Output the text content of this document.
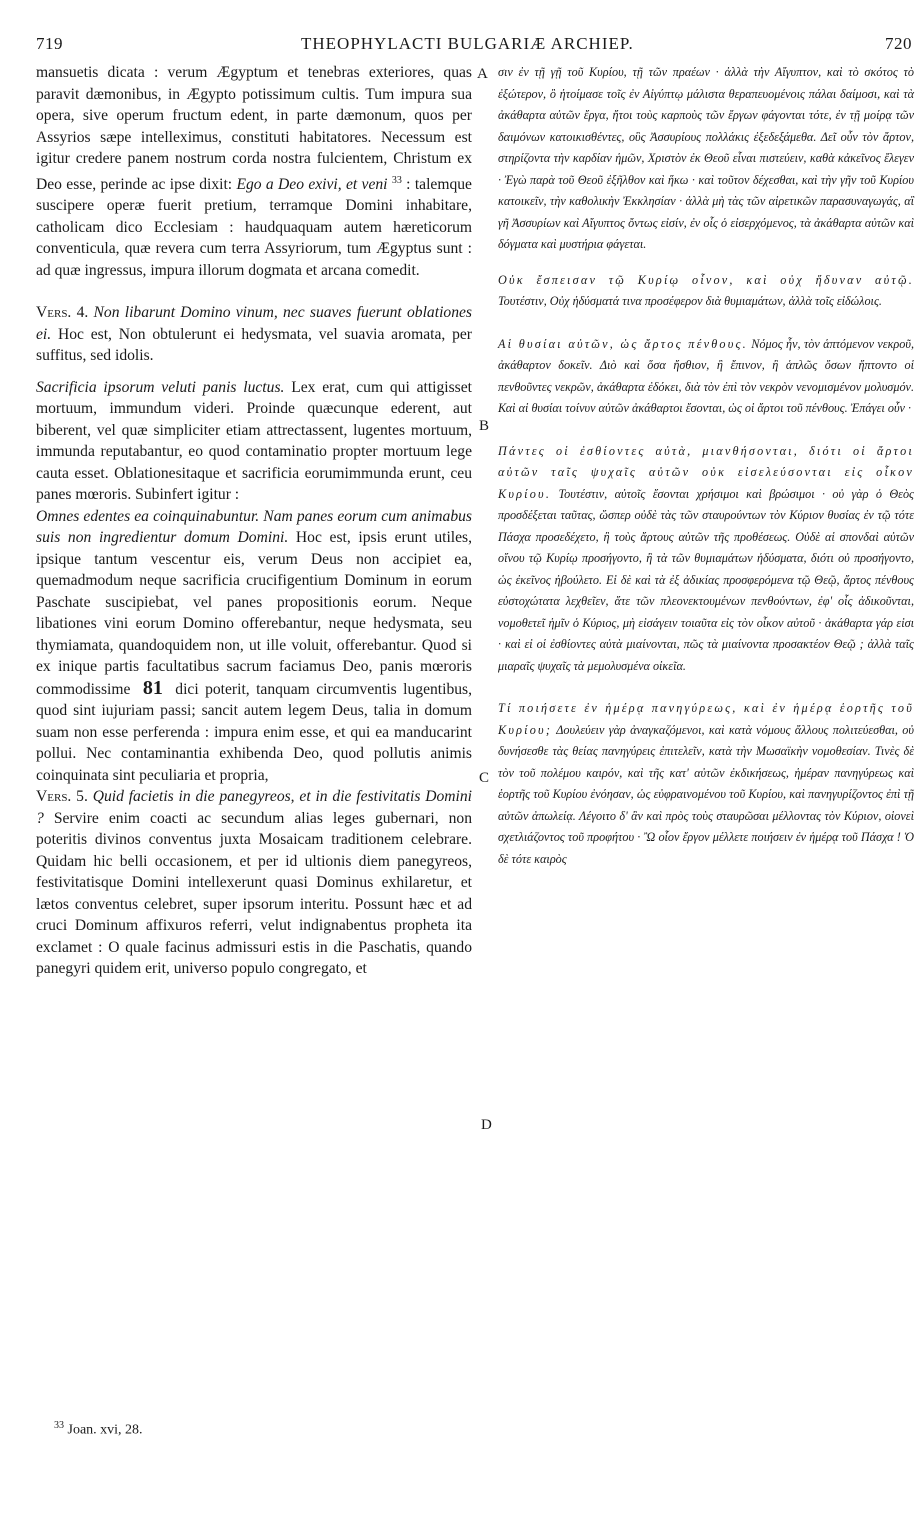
719	THEOPHYLACTI BULGARIÆ ARCHIEP.	720
A
B
C
D

mansuetis dicata : verum Ægyptum et tenebras exteriores, quas paravit dæmonibus, in Ægypto potissimum cultis. Tum impura sua opera, sive operum fructum edent, in parte dæmonum, quos per Assyrios sæpe intelleximus, constituti habitatores. Necessum est igitur credere panem nostrum corda nostra fulcientem, Christum ex Deo esse, perinde ac ipse dixit: Ego a Deo exivi, et veni $^{33}$ : talemque suscipere operæ fuerit pretium, terramque Domini inhabitare, catholicam dico Ecclesiam : haudquaquam autem hæreticorum conventicula, quæ revera cum terra Assyriorum, tum Ægyptus sunt : ad quæ ingressus, impura illorum dogmata et arcana comedit.

Vers. 4. Non libarunt Domino vinum, nec suaves fuerunt oblationes ei. Hoc est, Non obtulerunt ei hedysmata, vel suavia aromata, per suffitus, sed idolis.

Sacrificia ipsorum veluti panis luctus. Lex erat, cum qui attigisset mortuum, immundum videri. Proinde quæcunque ederent, aut biberent, vel quæ simpliciter etiam attrectassent, lugentes mortuum, immunda reputabantur, eo quod contaminatio propter mortuum lege cauta esset. Oblationesitaque et sacrificia eorumimmunda erunt, ceu panes mœroris. Subinfert igitur :

Omnes edentes ea coinquinabuntur. Nam panes eorum cum animabus suis non ingredientur domum Domini. Hoc est, ipsis erunt utiles, ipsique tantum vescentur eis, verum Deus non accipiet ea, quemadmodum neque sacrificia crucifigentium Dominum in eorum Paschate suscipiebat, vel panes propositionis eorum. Neque libationes vini eorum Domino offerebantur, neque hedysmata, seu thymiamata, quandoquidem non, ut ille voluit, offerebantur. Quod si ex inique partis facultatibus sacrum faciamus Deo, panis mœroris commodissime 81 dici poterit, tanquam circumventis lugentibus, quod sint iujuriam passi; sancit autem legem Deus, talia in domum suam non esse perferenda : impura enim esse, et qui ea manducarint pollui. Nec contaminantia exhibenda Deo, quod pollutis animis coinquinata sint peculiaria et propria,

Vers. 5. Quid facietis in die panegyreos, et in die festivitatis Domini ? Servire enim coacti ac secundum alias leges gubernari, non poteritis divinos conventus juxta Mosaicam traditionem celebrare. Quidam hic belli occasionem, et per id ultionis diem panegyreos, festivitatisque Domini intellexerunt quasi Dominus exhilaretur, et lætos conventus celebret, super ipsorum interitu. Possunt hæc et ad cruci Dominum affixuros referri, velut indignabentus propheta ita exclamet : O quale facinus admissuri estis in die Paschatis, quando panegyri quidem erit, universo populo congregato, et

σιν ἐν τῇ γῇ τοῦ Κυρίου, τῇ τῶν πραέων · ἀλλὰ τὴν Αἴγυπτον, καὶ τὸ σκότος τὸ ἐξώτερον, ὃ ἡτοίμασε τοῖς ἐν Αἰγύπτῳ μάλιστα θεραπευομένοις πάλαι δαίμοσι, καὶ τὰ ἀκάθαρτα αὐτῶν ἔργα, ἤτοι τοὺς καρποὺς τῶν ἔργων φάγονται τότε, ἐν τῇ μοίρᾳ τῶν δαιμόνων κατοικισθέντες, οὓς Ἀσσυρίους πολλάκις ἐξεδεξάμεθα. Δεῖ οὖν τὸν ἄρτον, στηρίζοντα τὴν καρδίαν ἡμῶν, Χριστὸν ἐκ Θεοῦ εἶναι πιστεύειν, καθὰ κἀκεῖνος ἔλεγεν · Ἐγὼ παρὰ τοῦ Θεοῦ ἐξῆλθον καὶ ἥκω · καὶ τοῦτον δέχεσθαι, καὶ τὴν γῆν τοῦ Κυρίου κατοικεῖν, τὴν καθολικὴν Ἐκκλησίαν · ἀλλὰ μὴ τὰς τῶν αἱρετικῶν παρασυναγωγάς, αἳ γῆ Ἀσσυρίων καὶ Αἴγυπτος ὄντως εἰσίν, ἐν οἷς ὁ εἰσερχόμενος, τὰ ἀκάθαρτα αὐτῶν καὶ δόγματα καὶ μυστήρια φάγεται.

Οὐκ ἔσπεισαν τῷ Κυρίῳ οἶνον, καὶ οὐχ ἥδυναν αὐτῷ. Τουτέστιν, Οὐχ ἡδύσματά τινα προσέφερον διὰ θυμιαμάτων, ἀλλὰ τοῖς εἰδώλοις.

Αἱ θυσίαι αὐτῶν, ὡς ἄρτος πένθους. Νόμος ἦν, τὸν ἁπτόμενον νεκροῦ, ἀκάθαρτον δοκεῖν. Διὸ καὶ ὅσα ἤσθιον, ἢ ἔπινον, ἢ ἁπλῶς ὅσων ἥπτοντο οἱ πενθοῦντες νεκρῶν, ἀκάθαρτα ἐδόκει, διὰ τὸν ἐπὶ τὸν νεκρὸν νενομισμένον μολυσμόν. Καὶ αἱ θυσίαι τοίνυν αὐτῶν ἀκάθαρτοι ἔσονται, ὡς οἱ ἄρτοι τοῦ πένθους. Ἐπάγει οὖν ·

Πάντες οἱ ἐσθίοντες αὐτὰ, μιανθήσονται, διότι οἱ ἄρτοι αὐτῶν ταῖς ψυχαῖς αὐτῶν οὐκ εἰσελεύσονται εἰς οἶκον Κυρίου. Τουτέστιν, αὐτοῖς ἔσονται χρήσιμοι καὶ βρώσιμοι · οὐ γὰρ ὁ Θεὸς προσδέξεται ταῦτας, ὥσπερ οὐδὲ τὰς τῶν σταυρούντων τὸν Κύριον θυσίας ἐν τῷ τότε Πάσχα προσεδέχετο, ἢ τοὺς ἄρτους αὐτῶν τῆς προθέσεως. Οὐδὲ αἱ σπονδαὶ αὐτῶν οἴνου τῷ Κυρίῳ προσήγοντο, ἢ τὰ τῶν θυμιαμάτων ἡδύσματα, διότι οὐ προσήγοντο, ὡς ἐκεῖνος ἠβούλετο. Εἰ δὲ καὶ τὰ ἐξ ἀδικίας προσφερόμενα τῷ Θεῷ, ἄρτος πένθους εὐστοχώτατα λεχθεῖεν, ἅτε τῶν πλεονεκτουμένων πενθούντων, ἐφ' οἷς ἀδικοῦνται, νομοθετεῖ ἡμῖν ὁ Κύριος, μὴ εἰσάγειν τοιαῦτα εἰς τὸν οἶκον αὐτοῦ · ἀκάθαρτα γάρ εἰσι · καὶ εἰ οἱ ἐσθίοντες αὐτὰ μιαίνονται, πῶς τὰ μιαίνοντα προσακτέον Θεῷ ; ἀλλὰ ταῖς μιαραῖς ψυχαῖς τὰ μεμολυσμένα οἰκεῖα.

Τί ποιήσετε ἐν ἡμέρᾳ πανηγύρεως, καὶ ἐν ἡμέρᾳ ἑορτῆς τοῦ Κυρίου; Δουλεύειν γὰρ ἀναγκαζόμενοι, καὶ κατὰ νόμους ἄλλους πολιτεύεσθαι, οὐ δυνήσεσθε τὰς θείας πανηγύρεις ἐπιτελεῖν, κατὰ τὴν Μωσαϊκὴν νομοθεσίαν. Τινὲς δὲ τὸν τοῦ πολέμου καιρόν, καὶ τῆς κατ' αὐτῶν ἐκδικήσεως, ἡμέραν πανηγύρεως καὶ ἑορτῆς τοῦ Κυρίου ἐνόησαν, ὡς εὐφραινομένου τοῦ Κυρίου, καὶ πανηγυρίζοντος ἐπὶ τῇ αὐτῶν ἀπωλείᾳ. Λέγοιτο δ' ἂν καὶ πρὸς τοὺς σταυρῶσαι μέλλοντας τὸν Κύριον, οἱονεὶ σχετλιάζοντος τοῦ προφήτου · Ὢ οἷον ἔργον μέλλετε ποιήσειν ἐν ἡμέρᾳ τοῦ Πάσχα ! Ὁ δὲ τότε καιρὸς

$^{33}$ Joan. xvi, 28.
